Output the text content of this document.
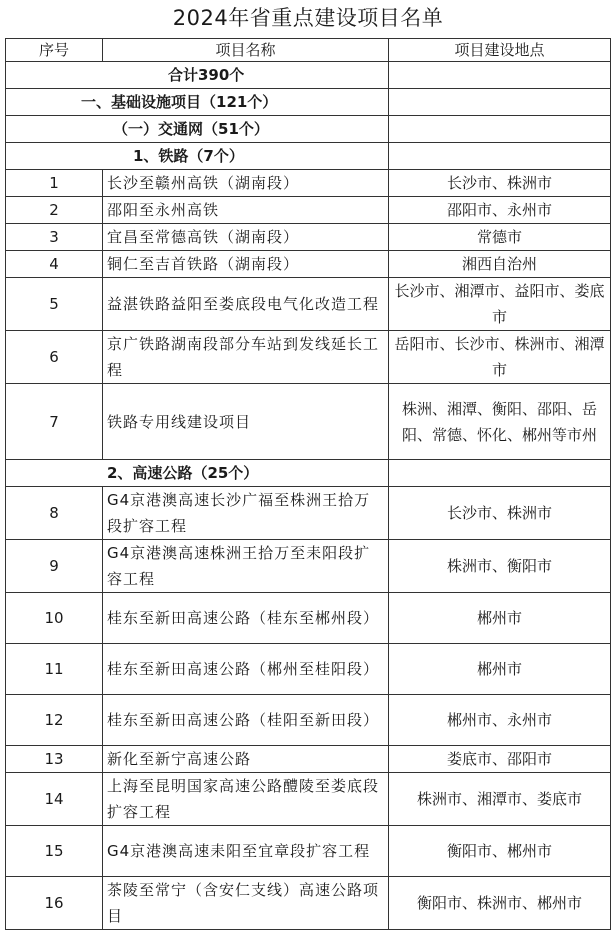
2024年省重点建设项目名单
序号	项目名称	项目建设地点
合计390个		
一、基础设施项目（121个）		
（一）交通网（51个）		
1、铁路（7个）		
1	长沙至赣州高铁（湖南段）	长沙市、株洲市
2	邵阳至永州高铁	邵阳市、永州市
3	宜昌至常德高铁（湖南段）	常德市
4	铜仁至吉首铁路（湖南段）	湘西自治州
5	益湛铁路益阳至娄底段电气化改造工程	长沙市、湘潭市、益阳市、娄底市
6	京广铁路湖南段部分车站到发线延长工程	岳阳市、长沙市、株洲市、湘潭市
7	铁路专用线建设项目	株洲、湘潭、衡阳、邵阳、岳阳、常德、怀化、郴州等市州
2、高速公路（25个）		
8	G4京港澳高速长沙广福至株洲王拾万段扩容工程	长沙市、株洲市
9	G4京港澳高速株洲王拾万至耒阳段扩容工程	株洲市、衡阳市
10	桂东至新田高速公路（桂东至郴州段）	郴州市
11	桂东至新田高速公路（郴州至桂阳段）	郴州市
12	桂东至新田高速公路（桂阳至新田段）	郴州市、永州市
13	新化至新宁高速公路	娄底市、邵阳市
14	上海至昆明国家高速公路醴陵至娄底段扩容工程	株洲市、湘潭市、娄底市
15	G4京港澳高速耒阳至宜章段扩容工程	衡阳市、郴州市
16	茶陵至常宁（含安仁支线）高速公路项目	衡阳市、株洲市、郴州市
